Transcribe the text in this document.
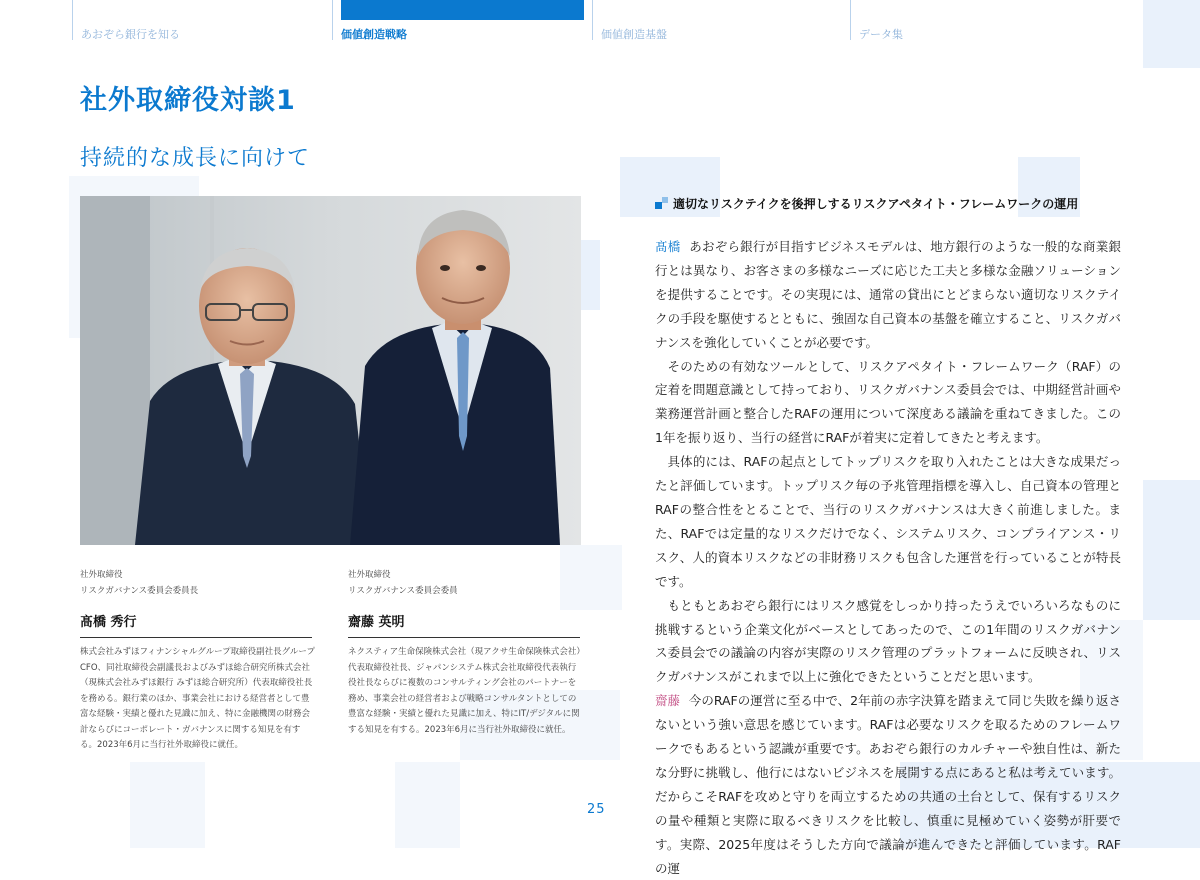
あおぞら銀行を知る	価値創造戦略	価値創造基盤	データ集
社外取締役対談1
持続的な成長に向けて
社外取締役
リスクガバナンス委員会委員長
髙橋 秀行
株式会社みずほフィナンシャルグループ取締役副社長グループCFO、同社取締役会副議長およびみずほ総合研究所株式会社（現株式会社みずほ銀行 みずほ総合研究所）代表取締役社長を務める。銀行業のほか、事業会社における経営者として豊富な経験・実績と優れた見識に加え、特に金融機関の財務会計ならびにコーポレート・ガバナンスに関する知見を有する。2023年6月に当行社外取締役に就任。
社外取締役
リスクガバナンス委員会委員
齋藤 英明
ネクスティア生命保険株式会社（現アクサ生命保険株式会社）代表取締役社長、ジャパンシステム株式会社取締役代表執行役社長ならびに複数のコンサルティング会社のパートナーを務め、事業会社の経営者および戦略コンサルタントとしての豊富な経験・実績と優れた見識に加え、特にIT/デジタルに関する知見を有する。2023年6月に当行社外取締役に就任。
適切なリスクテイクを後押しするリスクアペタイト・フレームワークの運用

髙橋 あおぞら銀行が目指すビジネスモデルは、地方銀行のような一般的な商業銀行とは異なり、お客さまの多様なニーズに応じた工夫と多様な金融ソリューションを提供することです。その実現には、通常の貸出にとどまらない適切なリスクテイクの手段を駆使するとともに、強固な自己資本の基盤を確立すること、リスクガバナンスを強化していくことが必要です。

そのための有効なツールとして、リスクアペタイト・フレームワーク（RAF）の定着を問題意識として持っており、リスクガバナンス委員会では、中期経営計画や業務運営計画と整合したRAFの運用について深度ある議論を重ねてきました。この1年を振り返り、当行の経営にRAFが着実に定着してきたと考えます。

具体的には、RAFの起点としてトップリスクを取り入れたことは大きな成果だったと評価しています。トップリスク毎の予兆管理指標を導入し、自己資本の管理とRAFの整合性をとることで、当行のリスクガバナンスは大きく前進しました。また、RAFでは定量的なリスクだけでなく、システムリスク、コンプライアンス・リスク、人的資本リスクなどの非財務リスクも包含した運営を行っていることが特長です。

もともとあおぞら銀行にはリスク感覚をしっかり持ったうえでいろいろなものに挑戦するという企業文化がベースとしてあったので、この1年間のリスクガバナンス委員会での議論の内容が実際のリスク管理のプラットフォームに反映され、リスクガバナンスがこれまで以上に強化できたということだと思います。

齋藤 今のRAFの運営に至る中で、2年前の赤字決算を踏まえて同じ失敗を繰り返さないという強い意思を感じています。RAFは必要なリスクを取るためのフレームワークでもあるという認識が重要です。あおぞら銀行のカルチャーや独自性は、新たな分野に挑戦し、他行にはないビジネスを展開する点にあると私は考えています。だからこそRAFを攻めと守りを両立するための共通の土台として、保有するリスクの量や種類と実際に取るべきリスクを比較し、慎重に見極めていく姿勢が肝要です。実際、2025年度はそうした方向で議論が進んできたと評価しています。RAFの運

25
